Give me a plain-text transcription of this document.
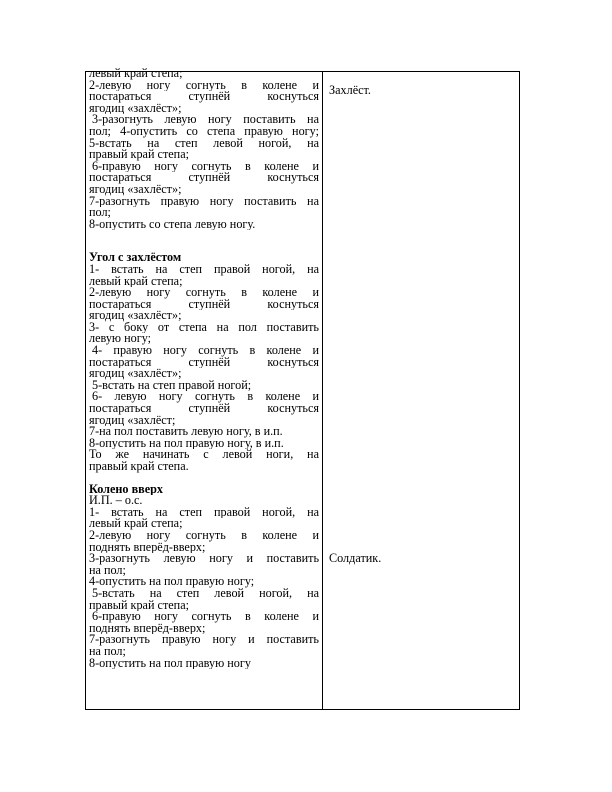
левый край степа;
2-левую ногу согнуть в колене и
постараться ступнёй коснуться
ягодиц «захлёст»;
3-разогнуть левую ногу поставить на
пол; 4-опустить со степа правую ногу;
5-встать на степ левой ногой, на
правый край степа;
6-правую ногу согнуть в колене и
постараться ступнёй коснуться
ягодиц «захлёст»;
7-разогнуть правую ногу поставить на
пол;
8-опустить со степа левую ногу.
Угол с захлёстом
1- встать на степ правой ногой, на
левый край степа;
2-левую ногу согнуть в колене и
постараться ступнёй коснуться
ягодиц «захлёст»;
3- с боку от степа на пол поставить
левую ногу;
4- правую ногу согнуть в колене и
постараться ступнёй коснуться
ягодиц «захлёст»;
5-встать на степ правой ногой;
6- левую ногу согнуть в колене и
постараться ступнёй коснуться
ягодиц «захлёст;
7-на пол поставить левую ногу, в и.п.
8-опустить на пол правую ногу, в и.п.
То же начинать с левой ноги, на
правый край степа.
Колено вверх
И.П. – о.с.
1- встать на степ правой ногой, на
левый край степа;
2-левую ногу согнуть в колене и
поднять вперёд-вверх;
3-разогнуть левую ногу и поставить
на пол;
4-опустить на пол правую ногу;
5-встать на степ левой ногой, на
правый край степа;
6-правую ногу согнуть в колене и
поднять вперёд-вверх;
7-разогнуть правую ногу и поставить
на пол;
8-опустить на пол правую ногу
Захлёст.
Солдатик.
